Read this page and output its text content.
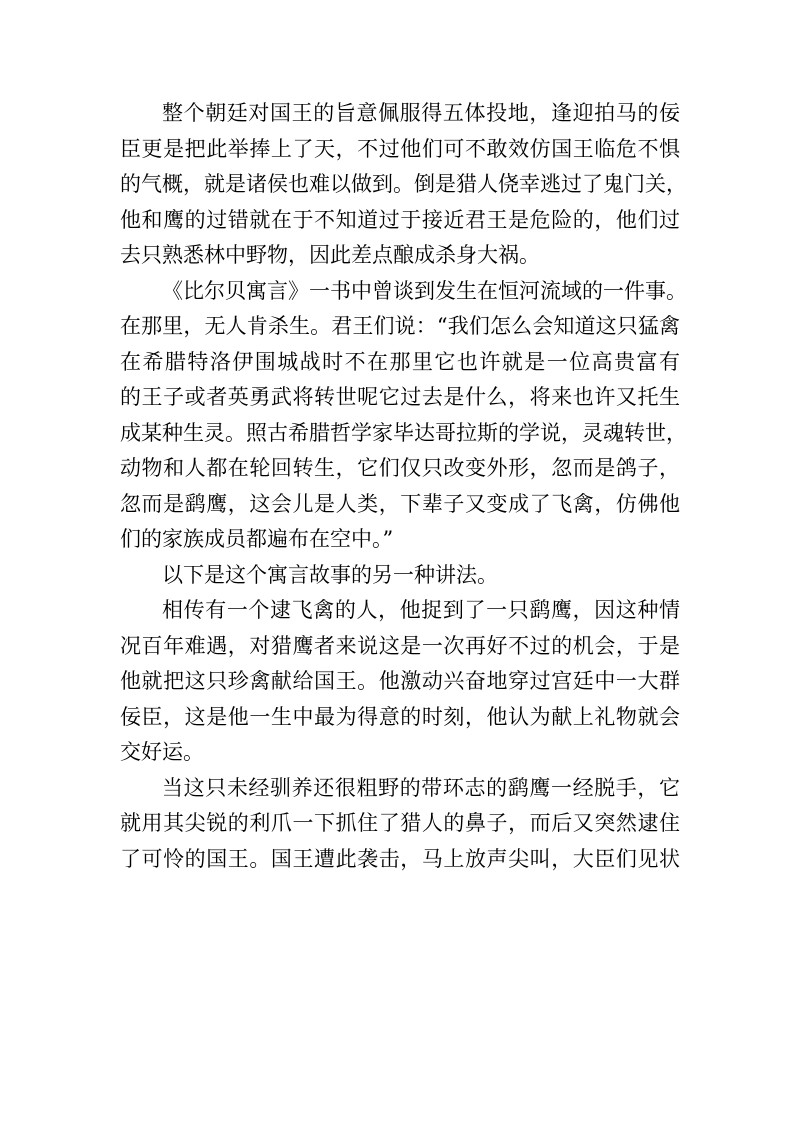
整个朝廷对国王的旨意佩服得五体投地，逢迎拍马的佞
臣更是把此举捧上了天，不过他们可不敢效仿国王临危不惧
的气概，就是诸侯也难以做到。倒是猎人侥幸逃过了鬼门关，
他和鹰的过错就在于不知道过于接近君王是危险的，他们过
去只熟悉林中野物，因此差点酿成杀身大祸。
《比尔贝寓言》一书中曾谈到发生在恒河流域的一件事。
在那里，无人肯杀生。君王们说：“我们怎么会知道这只猛禽
在希腊特洛伊围城战时不在那里它也许就是一位高贵富有
的王子或者英勇武将转世呢它过去是什么，将来也许又托生
成某种生灵。照古希腊哲学家毕达哥拉斯的学说，灵魂转世，
动物和人都在轮回转生，它们仅只改变外形，忽而是鸽子，
忽而是鹞鹰，这会儿是人类，下辈子又变成了飞禽，仿佛他
们的家族成员都遍布在空中。”
以下是这个寓言故事的另一种讲法。
相传有一个逮飞禽的人，他捉到了一只鹞鹰，因这种情
况百年难遇，对猎鹰者来说这是一次再好不过的机会，于是
他就把这只珍禽献给国王。他激动兴奋地穿过宫廷中一大群
佞臣，这是他一生中最为得意的时刻，他认为献上礼物就会
交好运。
当这只未经驯养还很粗野的带环志的鹞鹰一经脱手，它
就用其尖锐的利爪一下抓住了猎人的鼻子，而后又突然逮住
了可怜的国王。国王遭此袭击，马上放声尖叫，大臣们见状
